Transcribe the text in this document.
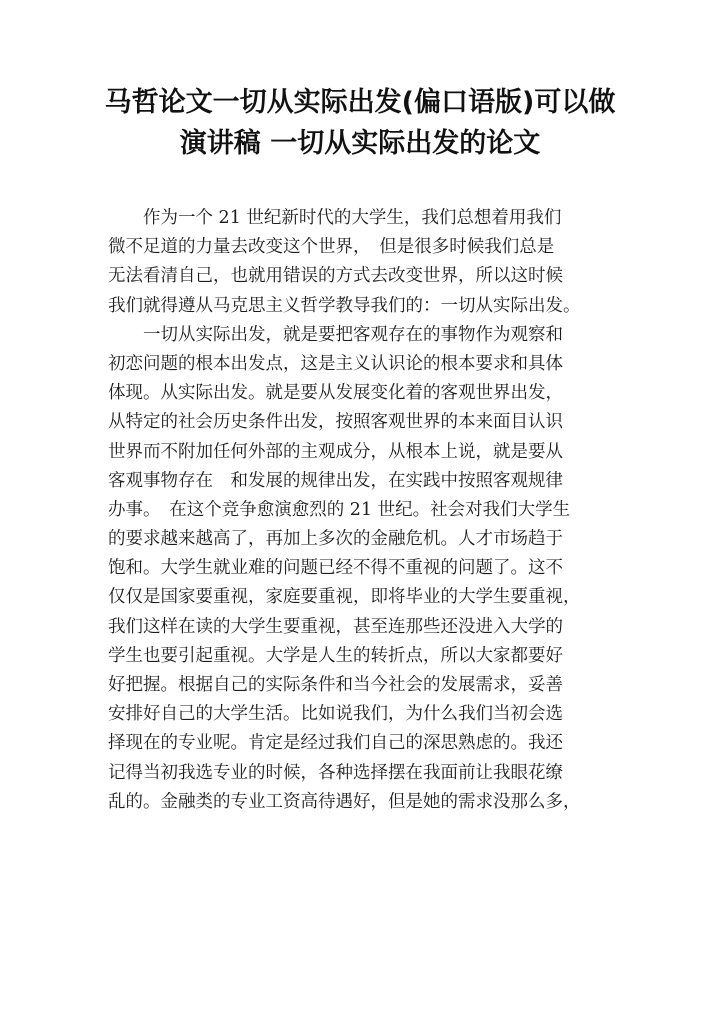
马哲论文一切从实际出发(偏口语版)可以做
演讲稿 一切从实际出发的论文
　　作为一个 21 世纪新时代的大学生，我们总想着用我们
微不足道的力量去改变这个世界，　但是很多时候我们总是
无法看清自己，也就用错误的方式去改变世界，所以这时候
我们就得遵从马克思主义哲学教导我们的：一切从实际出发。
　　一切从实际出发，就是要把客观存在的事物作为观察和
初恋问题的根本出发点，这是主义认识论的根本要求和具体
体现。从实际出发。就是要从发展变化着的客观世界出发，
从特定的社会历史条件出发，按照客观世界的本来面目认识
世界而不附加任何外部的主观成分，从根本上说，就是要从
客观事物存在　和发展的规律出发，在实践中按照客观规律
办事。　在这个竞争愈演愈烈的 21 世纪。社会对我们大学生
的要求越来越高了，再加上多次的金融危机。人才市场趋于
饱和。大学生就业难的问题已经不得不重视的问题了。这不
仅仅是国家要重视，家庭要重视，即将毕业的大学生要重视，
我们这样在读的大学生要重视，甚至连那些还没进入大学的
学生也要引起重视。大学是人生的转折点，所以大家都要好
好把握。根据自己的实际条件和当今社会的发展需求，妥善
安排好自己的大学生活。比如说我们，为什么我们当初会选
择现在的专业呢。肯定是经过我们自己的深思熟虑的。我还
记得当初我选专业的时候，各种选择摆在我面前让我眼花缭
乱的。金融类的专业工资高待遇好，但是她的需求没那么多，
